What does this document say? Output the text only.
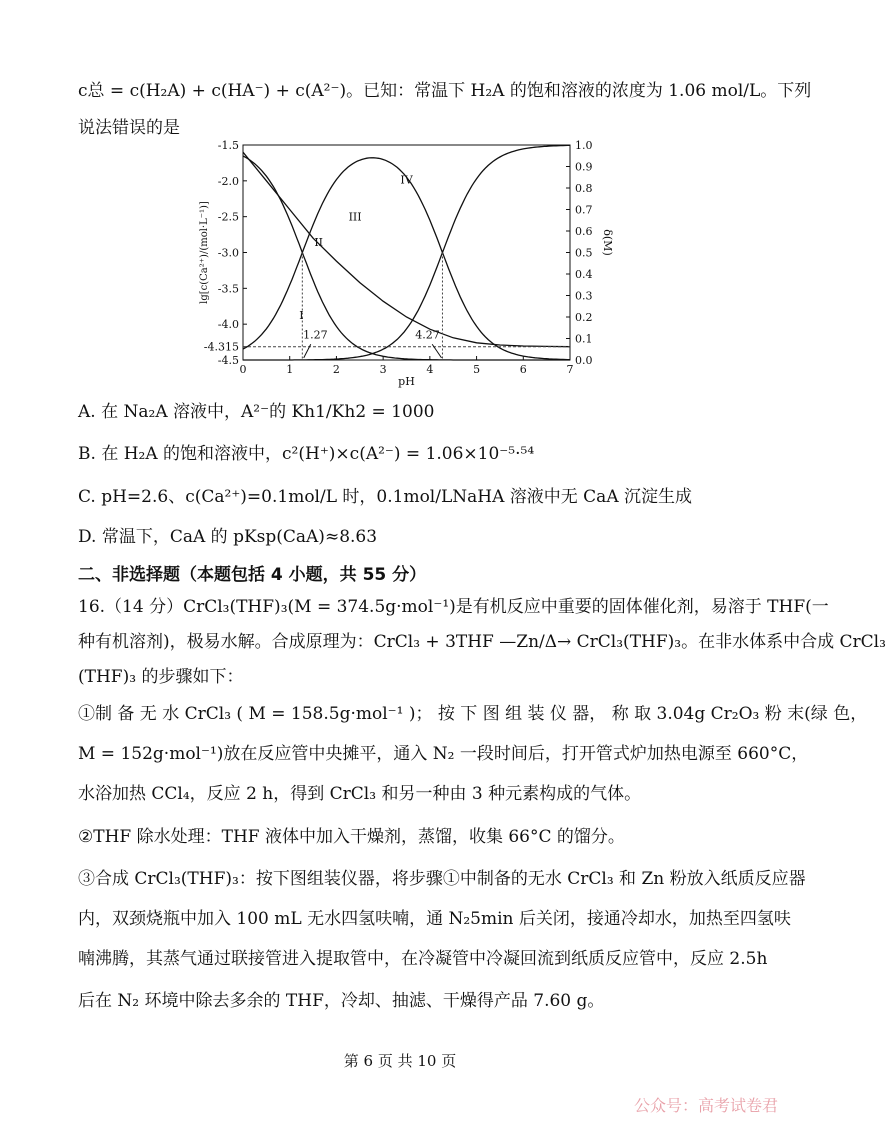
c总 = c(H₂A) + c(HA⁻) + c(A²⁻)。已知：常温下 H₂A 的饱和溶液的浓度为 1.06 mol/L。下列
说法错误的是
0	1	2	3	4	5	6	7
pH
-1.5
-2.0
-2.5
-3.0
-3.5
-4.0
-4.315
-4.5
1.0
0.9
0.8
0.7
0.6
0.5
0.4
0.3
0.2
0.1
0.0
lg[c(Ca²⁺)/(mol·L⁻¹)]	δ(M)
I
III
IV
II
1.27	4.27
A. 在 Na₂A 溶液中，A²⁻的 Kh1/Kh2 = 1000
B. 在 H₂A 的饱和溶液中，c²(H⁺)×c(A²⁻) = 1.06×10⁻⁵·⁵⁴
C. pH=2.6、c(Ca²⁺)=0.1mol/L 时，0.1mol/LNaHA 溶液中无 CaA 沉淀生成
D. 常温下，CaA 的 pKsp(CaA)≈8.63
二、非选择题（本题包括 4 小题，共 55 分）
16.（14 分）CrCl₃(THF)₃(M = 374.5g·mol⁻¹)是有机反应中重要的固体催化剂，易溶于 THF(一
种有机溶剂)，极易水解。合成原理为：CrCl₃ + 3THF —Zn/Δ→ CrCl₃(THF)₃。在非水体系中合成 CrCl₃
(THF)₃ 的步骤如下：
①制 备 无 水 CrCl₃ ( M = 158.5g·mol⁻¹ )； 按 下 图 组 装 仪 器， 称 取 3.04g Cr₂O₃ 粉 末(绿 色，
M = 152g·mol⁻¹)放在反应管中央摊平，通入 N₂ 一段时间后，打开管式炉加热电源至 660°C，
水浴加热 CCl₄，反应 2 h，得到 CrCl₃ 和另一种由 3 种元素构成的气体。
②THF 除水处理：THF 液体中加入干燥剂，蒸馏，收集 66°C 的馏分。
③合成 CrCl₃(THF)₃：按下图组装仪器，将步骤①中制备的无水 CrCl₃ 和 Zn 粉放入纸质反应器
内，双颈烧瓶中加入 100 mL 无水四氢呋喃，通 N₂5min 后关闭，接通冷却水，加热至四氢呋
喃沸腾，其蒸气通过联接管进入提取管中，在冷凝管中冷凝回流到纸质反应管中，反应 2.5h
后在 N₂ 环境中除去多余的 THF，冷却、抽滤、干燥得产品 7.60 g。
第 6 页 共 10 页
公众号：高考试卷君
